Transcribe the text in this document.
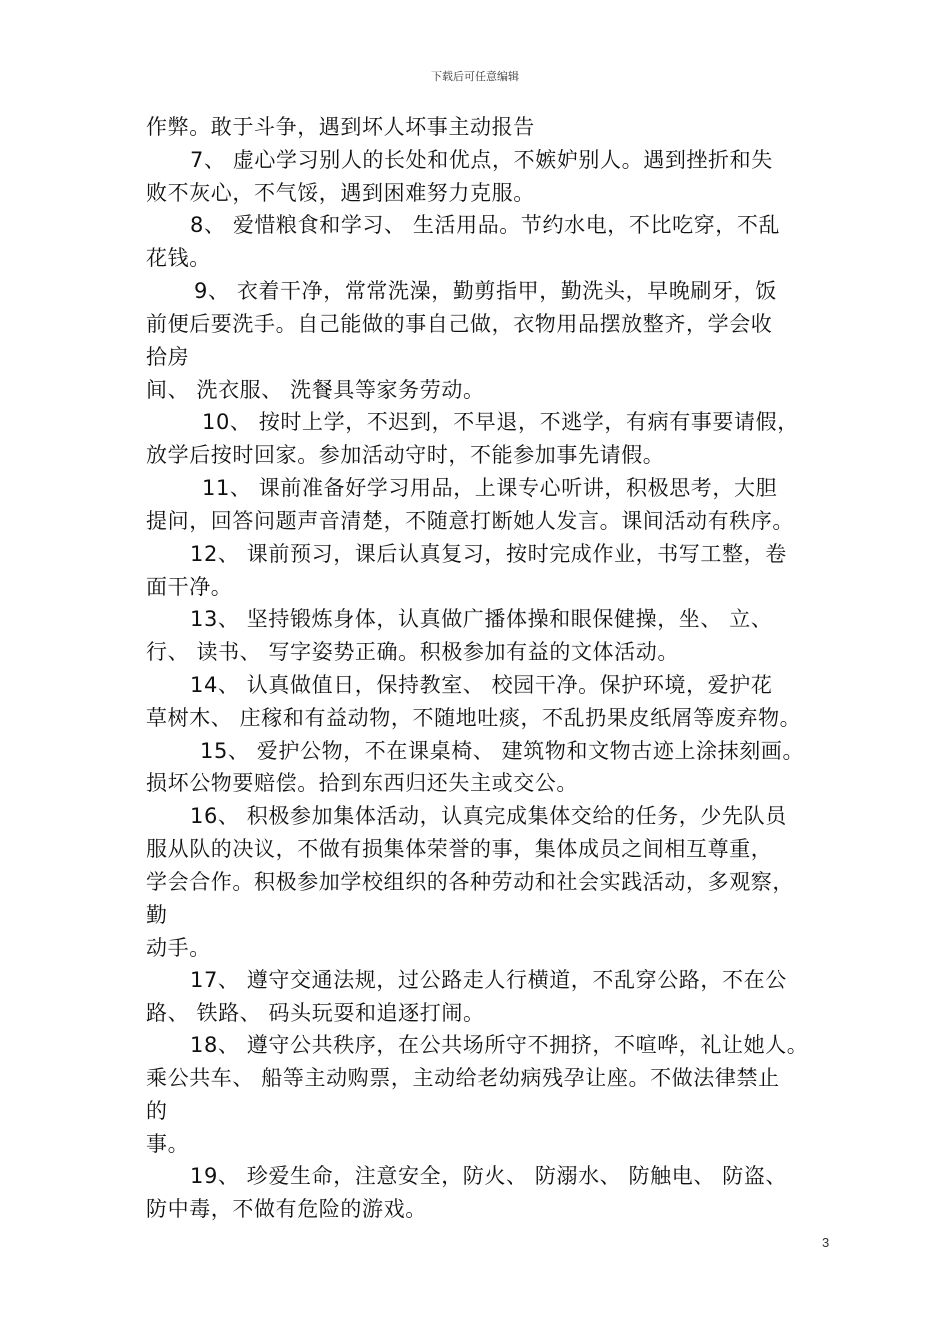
下载后可任意编辑
作弊。敢于斗争，遇到坏人坏事主动报告
7、 虚心学习别人的长处和优点，不嫉妒别人。遇到挫折和失
败不灰心，不气馁，遇到困难努力克服。
8、 爱惜粮食和学习、 生活用品。节约水电，不比吃穿，不乱
花钱。
9、 衣着干净，常常洗澡，勤剪指甲，勤洗头，早晚刷牙，饭
前便后要洗手。自己能做的事自己做，衣物用品摆放整齐，学会收
拾房
间、 洗衣服、 洗餐具等家务劳动。
10、 按时上学，不迟到，不早退，不逃学，有病有事要请假，
放学后按时回家。参加活动守时，不能参加事先请假。
11、 课前准备好学习用品，上课专心听讲，积极思考，大胆
提问，回答问题声音清楚，不随意打断她人发言。课间活动有秩序。
12、 课前预习，课后认真复习，按时完成作业，书写工整，卷
面干净。
13、 坚持锻炼身体，认真做广播体操和眼保健操，坐、 立、
行、 读书、 写字姿势正确。积极参加有益的文体活动。
14、 认真做值日，保持教室、 校园干净。保护环境，爱护花
草树木、 庄稼和有益动物，不随地吐痰，不乱扔果皮纸屑等废弃物。
15、 爱护公物，不在课桌椅、 建筑物和文物古迹上涂抹刻画。
损坏公物要赔偿。拾到东西归还失主或交公。
16、 积极参加集体活动，认真完成集体交给的任务，少先队员
服从队的决议，不做有损集体荣誉的事，集体成员之间相互尊重，
学会合作。积极参加学校组织的各种劳动和社会实践活动，多观察，
勤
动手。
17、 遵守交通法规，过公路走人行横道，不乱穿公路，不在公
路、 铁路、 码头玩耍和追逐打闹。
18、 遵守公共秩序，在公共场所守不拥挤，不喧哗，礼让她人。
乘公共车、 船等主动购票，主动给老幼病残孕让座。不做法律禁止
的
事。
19、 珍爱生命，注意安全，防火、 防溺水、 防触电、 防盗、
防中毒，不做有危险的游戏。
3
